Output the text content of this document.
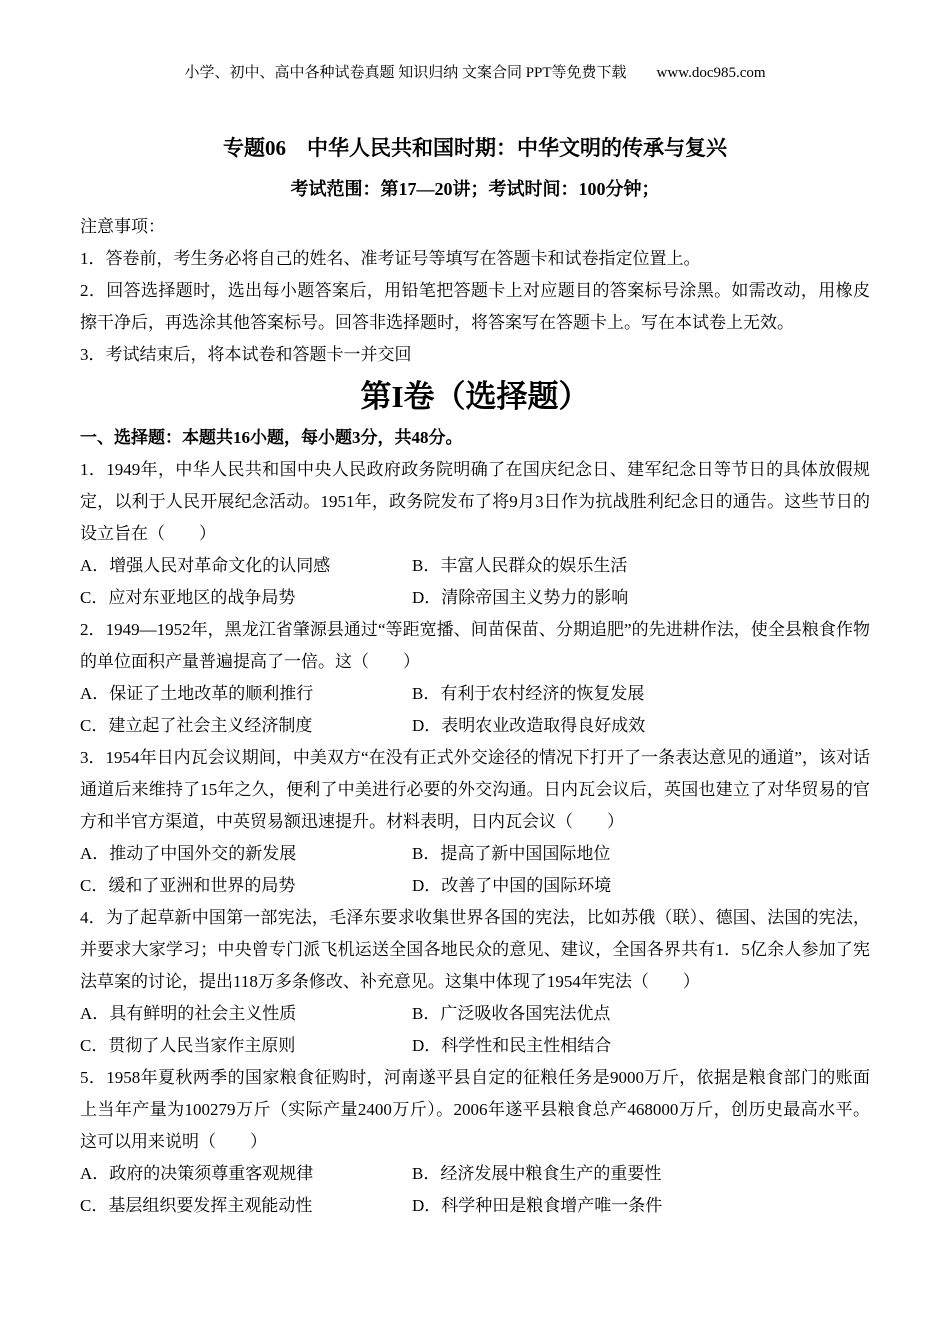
小学、初中、高中各种试卷真题 知识归纳 文案合同 PPT等免费下载 www.doc985.com
专题06　中华人民共和国时期：中华文明的传承与复兴
考试范围：第17—20讲；考试时间：100分钟；

注意事项：

1．答卷前，考生务必将自己的姓名、准考证号等填写在答题卡和试卷指定位置上。

2．回答选择题时，选出每小题答案后，用铅笔把答题卡上对应题目的答案标号涂黑。如需改动，用橡皮擦干净后，再选涂其他答案标号。回答非选择题时，将答案写在答题卡上。写在本试卷上无效。

3．考试结束后，将本试卷和答题卡一并交回

第I卷（选择题）

一、选择题：本题共16小题，每小题3分，共48分。

1．1949年，中华人民共和国中央人民政府政务院明确了在国庆纪念日、建军纪念日等节日的具体放假规定，以利于人民开展纪念活动。1951年，政务院发布了将9月3日作为抗战胜利纪念日的通告。这些节日的设立旨在（　　）

A．增强人民对革命文化的认同感	B．丰富人民群众的娱乐生活
C．应对东亚地区的战争局势	D．清除帝国主义势力的影响

2．1949—1952年，黑龙江省肇源县通过“等距宽播、间苗保苗、分期追肥”的先进耕作法，使全县粮食作物的单位面积产量普遍提高了一倍。这（　　）

A．保证了土地改革的顺利推行	B．有利于农村经济的恢复发展
C．建立起了社会主义经济制度	D．表明农业改造取得良好成效

3．1954年日内瓦会议期间，中美双方“在没有正式外交途径的情况下打开了一条表达意见的通道”，该对话通道后来维持了15年之久，便利了中美进行必要的外交沟通。日内瓦会议后，英国也建立了对华贸易的官方和半官方渠道，中英贸易额迅速提升。材料表明，日内瓦会议（　　）

A．推动了中国外交的新发展	B．提高了新中国国际地位
C．缓和了亚洲和世界的局势	D．改善了中国的国际环境

4．为了起草新中国第一部宪法，毛泽东要求收集世界各国的宪法，比如苏俄（联）、德国、法国的宪法，并要求大家学习；中央曾专门派飞机运送全国各地民众的意见、建议，全国各界共有1．5亿余人参加了宪法草案的讨论，提出118万多条修改、补充意见。这集中体现了1954年宪法（　　）

A．具有鲜明的社会主义性质	B．广泛吸收各国宪法优点
C．贯彻了人民当家作主原则	D．科学性和民主性相结合

5．1958年夏秋两季的国家粮食征购时，河南遂平县自定的征粮任务是9000万斤，依据是粮食部门的账面上当年产量为100279万斤（实际产量2400万斤）。2006年遂平县粮食总产468000万斤，创历史最高水平。这可以用来说明（　　）

A．政府的决策须尊重客观规律	B．经济发展中粮食生产的重要性
C．基层组织要发挥主观能动性	D．科学种田是粮食增产唯一条件
